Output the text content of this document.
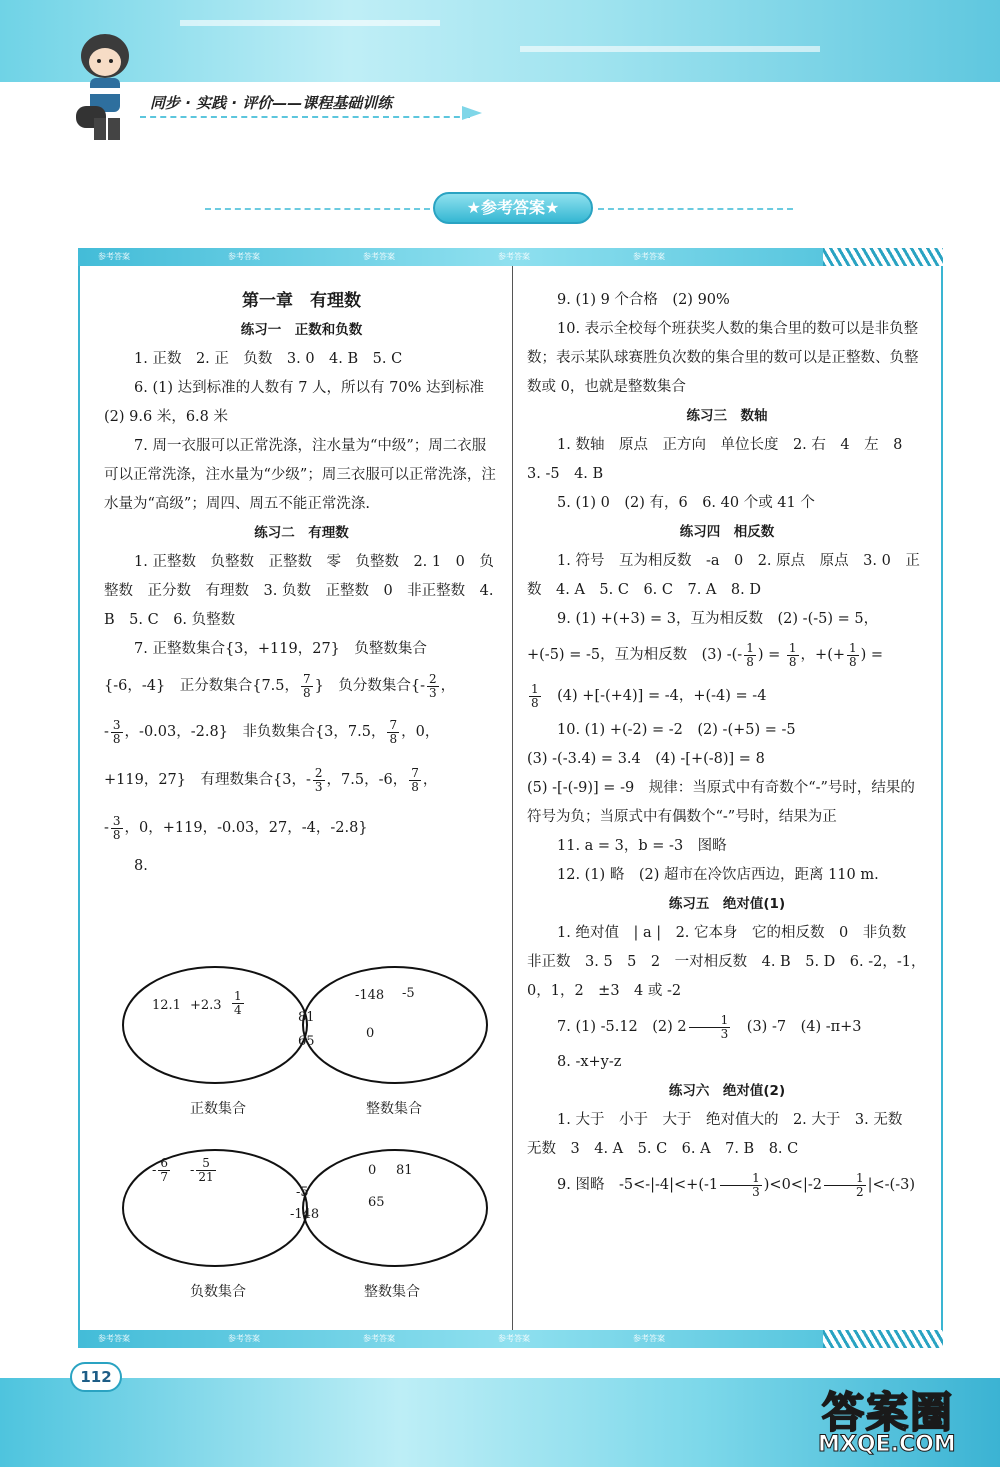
同步 · 实践 · 评价——课程基础训练
★参考答案★
参考答案	参考答案	参考答案	参考答案	参考答案
参考答案	参考答案	参考答案	参考答案	参考答案

第一章　有理数

练习一　正数和负数

1. 正数　2. 正　负数　3. 0　4. B　5. C

6. (1) 达到标准的人数有 7 人，所以有 70% 达到标准

(2) 9.6 米，6.8 米

7. 周一衣服可以正常洗涤，注水量为“中级”；周二衣服可以正常洗涤，注水量为“少级”；周三衣服可以正常洗涤，注水量为“高级”；周四、周五不能正常洗涤.

练习二　有理数

1. 正整数　负整数　正整数　零　负整数　2. 1　0　负整数　正分数　有理数　3. 负数　正整数　0　非正整数　4. B　5. C　6. 负整数

7. 正整数集合{3，+119，27}　负整数集合

{-6，-4}　正分数集合{7.5， $\frac{7}{8}$ }　 负分数集合{- $\frac{2}{3}$ ，

- $\frac{3}{8}$ ，-0.03，-2.8}　 非负数集合{3，7.5， $\frac{7}{8}$ ，0，

+119，27}　 有理数集合{3，- $\frac{2}{3}$ ，7.5，-6， $\frac{7}{8}$ ，

- $\frac{3}{8}$ ，0，+119，-0.03，27，-4，-2.8}

8.

$12.1 +2.3 \frac{1}{4}$
81
65
-148 -5
0
正数集合	整数集合
- $\frac{6}{7} - \frac{5}{21}$
-5
-148
0 81
65
负数集合	整数集合

9. (1) 9 个合格　(2) 90%

10. 表示全校每个班获奖人数的集合里的数可以是非负整数；表示某队球赛胜负次数的集合里的数可以是正整数、负整数或 0，也就是整数集合

练习三　数轴

1. 数轴　原点　正方向　单位长度　2. 右　4　左　8　3. -5　4. B

5. (1) 0　(2) 有，6　6. 40 个或 41 个

练习四　相反数

1. 符号　互为相反数　-a　0　2. 原点　原点　3. 0　正数　4. A　5. C　6. C　7. A　8. D

9. (1) +(+3) = 3，互为相反数　(2) -(-5) = 5，

+(-5) = -5，互为相反数　(3) -(- $\frac{1}{8}$ ) = $\frac{1}{8}$ ，+(+ $\frac{1}{8}$ ) =

$\frac{1}{8}$
　 (4) +[-(+4)] = -4，+(-4) = -4

10. (1) +(-2) = -2　(2) -(+5) = -5

(3) -(-3.4) = 3.4　(4) -[+(-8)] = 8

(5) -[-(-9)] = -9　规律：当原式中有奇数个“-”号时，结果的符号为负；当原式中有偶数个“-”号时，结果为正

11. a = 3，b = -3　图略

12. (1) 略　(2) 超市在冷饮店西边，距离 110 m.

练习五　绝对值(1)

1. 绝对值　| a |　2. 它本身　它的相反数　0　非负数　非正数　3. 5　5　2　一对相反数　4. B　5. D　6. -2，-1，0，1，2　±3　4 或 -2

7. (1) -5.12　(2) $2 \frac{1}{3}$ 　(3) -7　(4) -π+3

8. -x+y-z

练习六　绝对值(2)

1. 大于　小于　大于　绝对值大的　2. 大于　3. 无数　无数　3　4. A　5. C　6. A　7. B　8. C

9. 图略　$-5<-|-4|<+(-1 \frac{1}{3} )<0<|-2 \frac{1}{2} |<-(-3)$

112
答案圈
MXQE.COM
